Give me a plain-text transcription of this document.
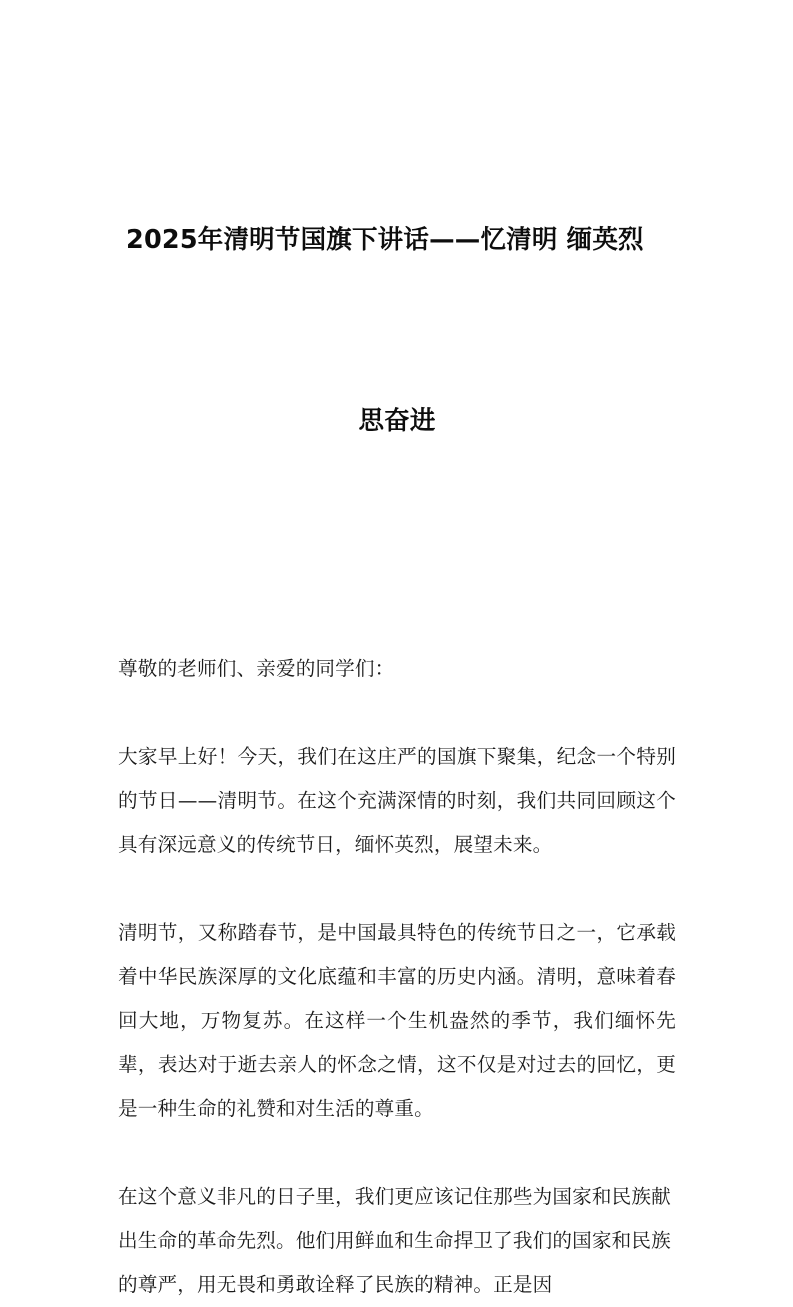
2025年清明节国旗下讲话——忆清明 缅英烈

思奋进

尊敬的老师们、亲爱的同学们：

大家早上好！今天，我们在这庄严的国旗下聚集，纪念一个特别的节日——清明节。在这个充满深情的时刻，我们共同回顾这个具有深远意义的传统节日，缅怀英烈，展望未来。

清明节，又称踏春节，是中国最具特色的传统节日之一，它承载着中华民族深厚的文化底蕴和丰富的历史内涵。清明，意味着春回大地，万物复苏。在这样一个生机盎然的季节，我们缅怀先辈，表达对于逝去亲人的怀念之情，这不仅是对过去的回忆，更是一种生命的礼赞和对生活的尊重。

在这个意义非凡的日子里，我们更应该记住那些为国家和民族献出生命的革命先烈。他们用鲜血和生命捍卫了我们的国家和民族的尊严，用无畏和勇敢诠释了民族的精神。正是因
